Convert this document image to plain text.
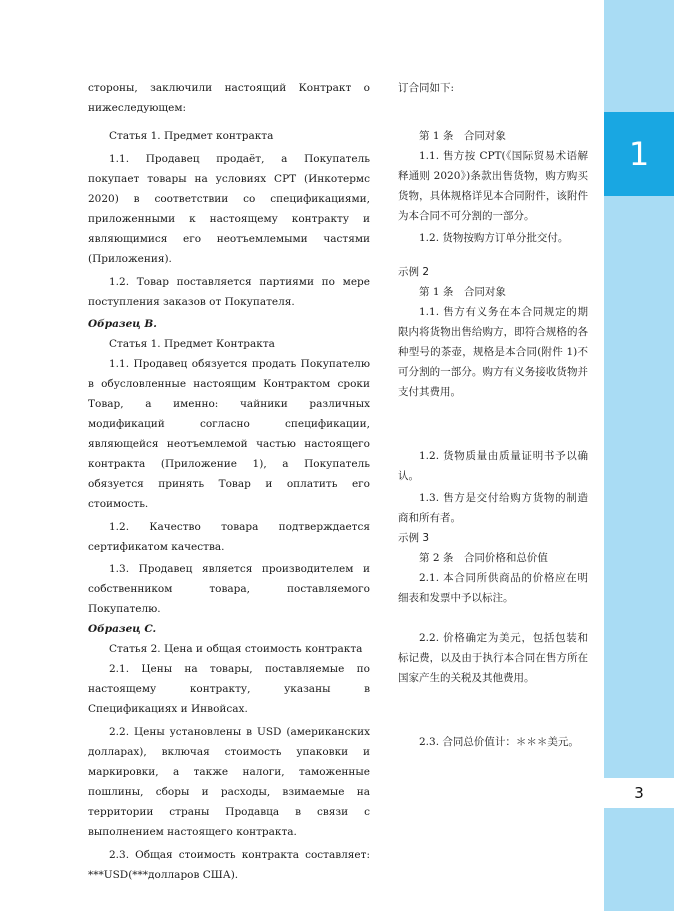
1
3

стороны, заключили настоящий Контракт о нижеследующем:

Статья 1. Предмет контракта

1.1. Продавец продаёт, а Покупатель покупает товары на условиях CPT (Инкотермс 2020) в соответствии со спецификациями, приложенными к настоящему контракту и являющимися его неотъемлемыми частями (Приложения).

1.2. Товар поставляется партиями по мере поступления заказов от Покупателя.

Образец B.

Статья 1. Предмет Контракта

1.1. Продавец обязуется продать Покупателю в обусловленные настоящим Контрактом сроки Товар, а именно: чайники различных модификаций согласно спецификации, являющейся неотъемлемой частью настоящего контракта (Приложение 1), а Покупатель обязуется принять Товар и оплатить его стоимость.

1.2. Качество товара подтверждается сертификатом качества.

1.3. Продавец является производителем и собственником товара, поставляемого Покупателю.

Образец C.

Статья 2. Цена и общая стоимость контракта

2.1. Цены на товары, поставляемые по настоящему контракту, указаны в Спецификациях и Инвойсах.

2.2. Цены установлены в USD (американских долларах), включая стоимость упаковки и маркировки, а также налоги, таможенные пошлины, сборы и расходы, взимаемые на территории страны Продавца в связи с выполнением настоящего контракта.

2.3. Общая стоимость контракта составляет: ***USD(***долларов США).

订合同如下:

第 1 条　合同对象

1.1. 售方按 CPT(《国际贸易术语解释通则 2020》)条款出售货物，购方购买货物，具体规格详见本合同附件，该附件为本合同不可分割的一部分。

1.2. 货物按购方订单分批交付。

示例 2

第 1 条　合同对象

1.1. 售方有义务在本合同规定的期限内将货物出售给购方，即符合规格的各种型号的茶壶，规格是本合同(附件 1)不可分割的一部分。购方有义务接收货物并支付其费用。

1.2. 货物质量由质量证明书予以确认。

1.3. 售方是交付给购方货物的制造商和所有者。

示例 3

第 2 条　合同价格和总价值

2.1. 本合同所供商品的价格应在明细表和发票中予以标注。

2.2. 价格确定为美元，包括包装和标记费，以及由于执行本合同在售方所在国家产生的关税及其他费用。

2.3. 合同总价值计：＊＊＊美元。
